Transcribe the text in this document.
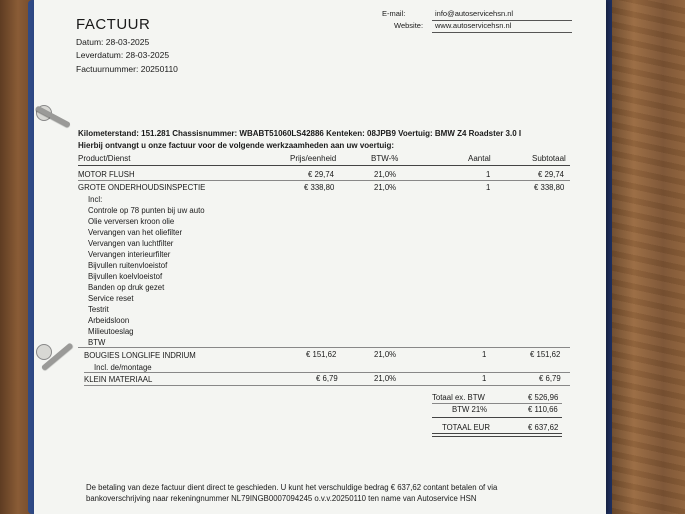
FACTUUR
Datum: 28-03-2025
Leverdatum: 28-03-2025
Factuurnummer: 20250110
E-mail:	info@autoservicehsn.nl
Website: www.autoservicehsn.nl
Kilometerstand: 151.281 Chassisnummer: WBABT51060LS42886 Kenteken: 08JPB9 Voertuig: BMW Z4 Roadster 3.0 I
Hierbij ontvangt u onze factuur voor de volgende werkzaamheden aan uw voertuig:
Product/Dienst	Prijs/eenheid	BTW-%	Aantal	Subtotaal
MOTOR FLUSH	€ 29,74	21,0%	1	€ 29,74
GROTE ONDERHOUDSINSPECTIE	€ 338,80	21,0%	1	€ 338,80
Incl:
Controle op 78 punten bij uw auto
Olie verversen kroon olie
Vervangen van het oliefilter
Vervangen van luchtfilter
Vervangen interieurfilter
Bijvullen ruitenvloeistof
Bijvullen koelvloeistof
Banden op druk gezet
Service reset
Testrit
Arbeidsloon
Milieutoeslag
BTW
BOUGIES LONGLIFE INDRIUM	€ 151,62	21,0%	1	€ 151,62
Incl. de/montage
KLEIN MATERIAAL	€ 6,79	21,0%	1	€ 6,79
Totaal ex. BTW	€ 526,96
BTW 21%	€ 110,66
TOTAAL EUR	€ 637,62
De betaling van deze factuur dient direct te geschieden. U kunt het verschuldige bedrag € 637,62 contant betalen of via
bankoverschrijving naar rekeningnummer NL79INGB0007094245 o.v.v.20250110 ten name van Autoservice HSN
